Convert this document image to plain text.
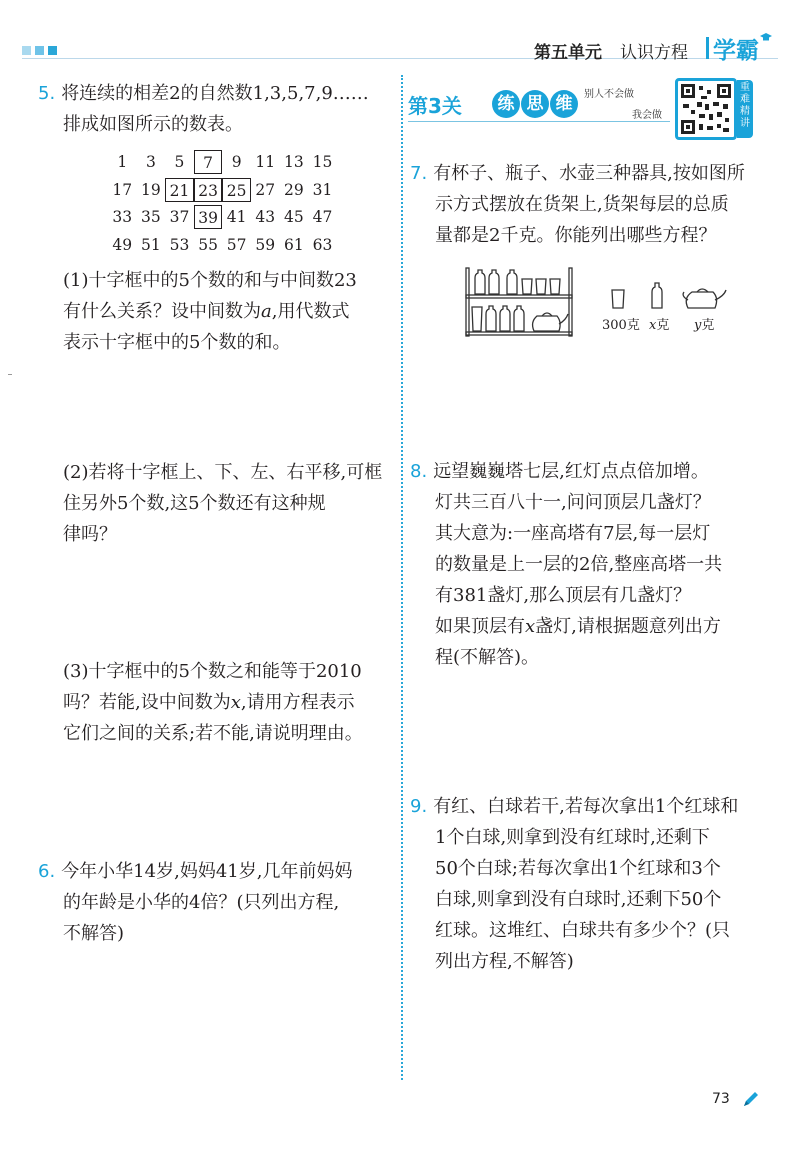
第五单元 认识方程 学霸
5. 将连续的相差2的自然数1,3,5,7,9……
排成如图所示的数表。
1	3	5	7	9 11 13 15
17 19 21 23 25 27 29 31
33 35 37 39 41 43 45 47
49 51 53 55 57 59 61 63
(1)十字框中的5个数的和与中间数23
有什么关系？设中间数为a,用代数式
表示十字框中的5个数的和。
(2)若将十字框上、下、左、右平移,可框
住另外5个数,这5个数还有这种规
律吗？
(3)十字框中的5个数之和能等于2010
吗？若能,设中间数为x,请用方程表示
它们之间的关系;若不能,请说明理由。
6. 今年小华14岁,妈妈41岁,几年前妈妈
的年龄是小华的4倍？(只列出方程,
不解答)
第3关	练 思 维	别人不会做
我会做
重难精讲
7. 有杯子、瓶子、水壶三种器具,按如图所
示方式摆放在货架上,货架每层的总质
量都是2千克。你能列出哪些方程？
300克 x克 y克
8. 远望巍巍塔七层,红灯点点倍加增。
灯共三百八十一,问问顶层几盏灯？
其大意为:一座高塔有7层,每一层灯
的数量是上一层的2倍,整座高塔一共
有381盏灯,那么顶层有几盏灯？
如果顶层有x盏灯,请根据题意列出方
程(不解答)。
9. 有红、白球若干,若每次拿出1个红球和
1个白球,则拿到没有红球时,还剩下
50个白球;若每次拿出1个红球和3个
白球,则拿到没有白球时,还剩下50个
红球。这堆红、白球共有多少个？(只
列出方程,不解答)
73
